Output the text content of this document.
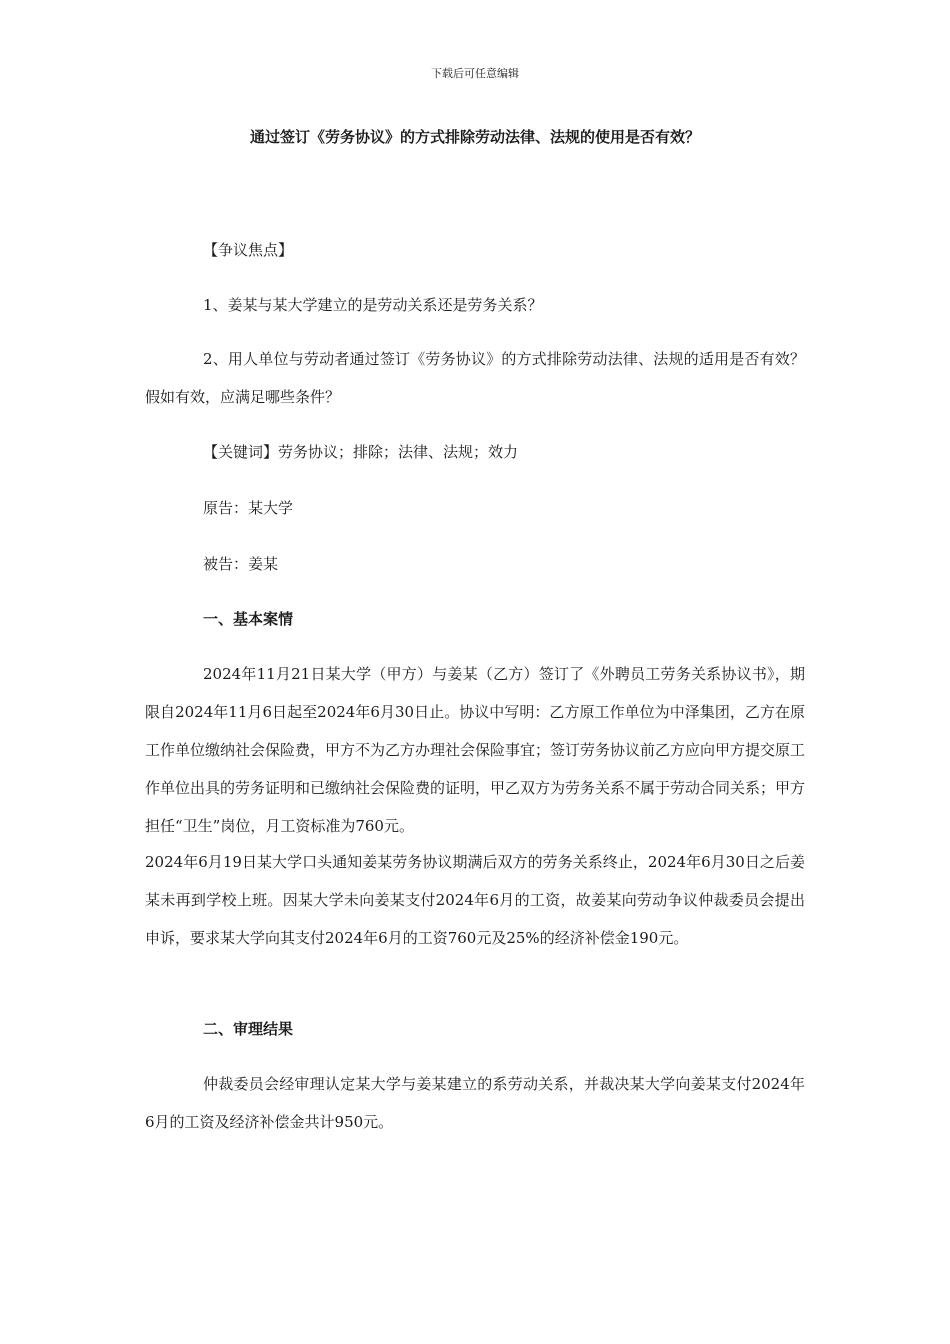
下载后可任意编辑
通过签订《劳务协议》的方式排除劳动法律、法规的使用是否有效？

【争议焦点】

1、姜某与某大学建立的是劳动关系还是劳务关系？

2、用人单位与劳动者通过签订《劳务协议》的方式排除劳动法律、法规的适用是否有效？假如有效，应满足哪些条件？

【关键词】劳务协议；排除；法律、法规；效力

原告：某大学

被告：姜某

一、基本案情

2024年11月21日某大学（甲方）与姜某（乙方）签订了《外聘员工劳务关系协议书》，期限自2024年11月6日起至2024年6月30日止。协议中写明：乙方原工作单位为中泽集团，乙方在原工作单位缴纳社会保险费，甲方不为乙方办理社会保险事宜；签订劳务协议前乙方应向甲方提交原工作单位出具的劳务证明和已缴纳社会保险费的证明，甲乙双方为劳务关系不属于劳动合同关系；甲方担任“卫生”岗位，月工资标准为760元。

2024年6月19日某大学口头通知姜某劳务协议期满后双方的劳务关系终止，2024年6月30日之后姜某未再到学校上班。因某大学未向姜某支付2024年6月的工资，故姜某向劳动争议仲裁委员会提出申诉，要求某大学向其支付2024年6月的工资760元及25%的经济补偿金190元。

二、审理结果

仲裁委员会经审理认定某大学与姜某建立的系劳动关系，并裁决某大学向姜某支付2024年6月的工资及经济补偿金共计950元。
